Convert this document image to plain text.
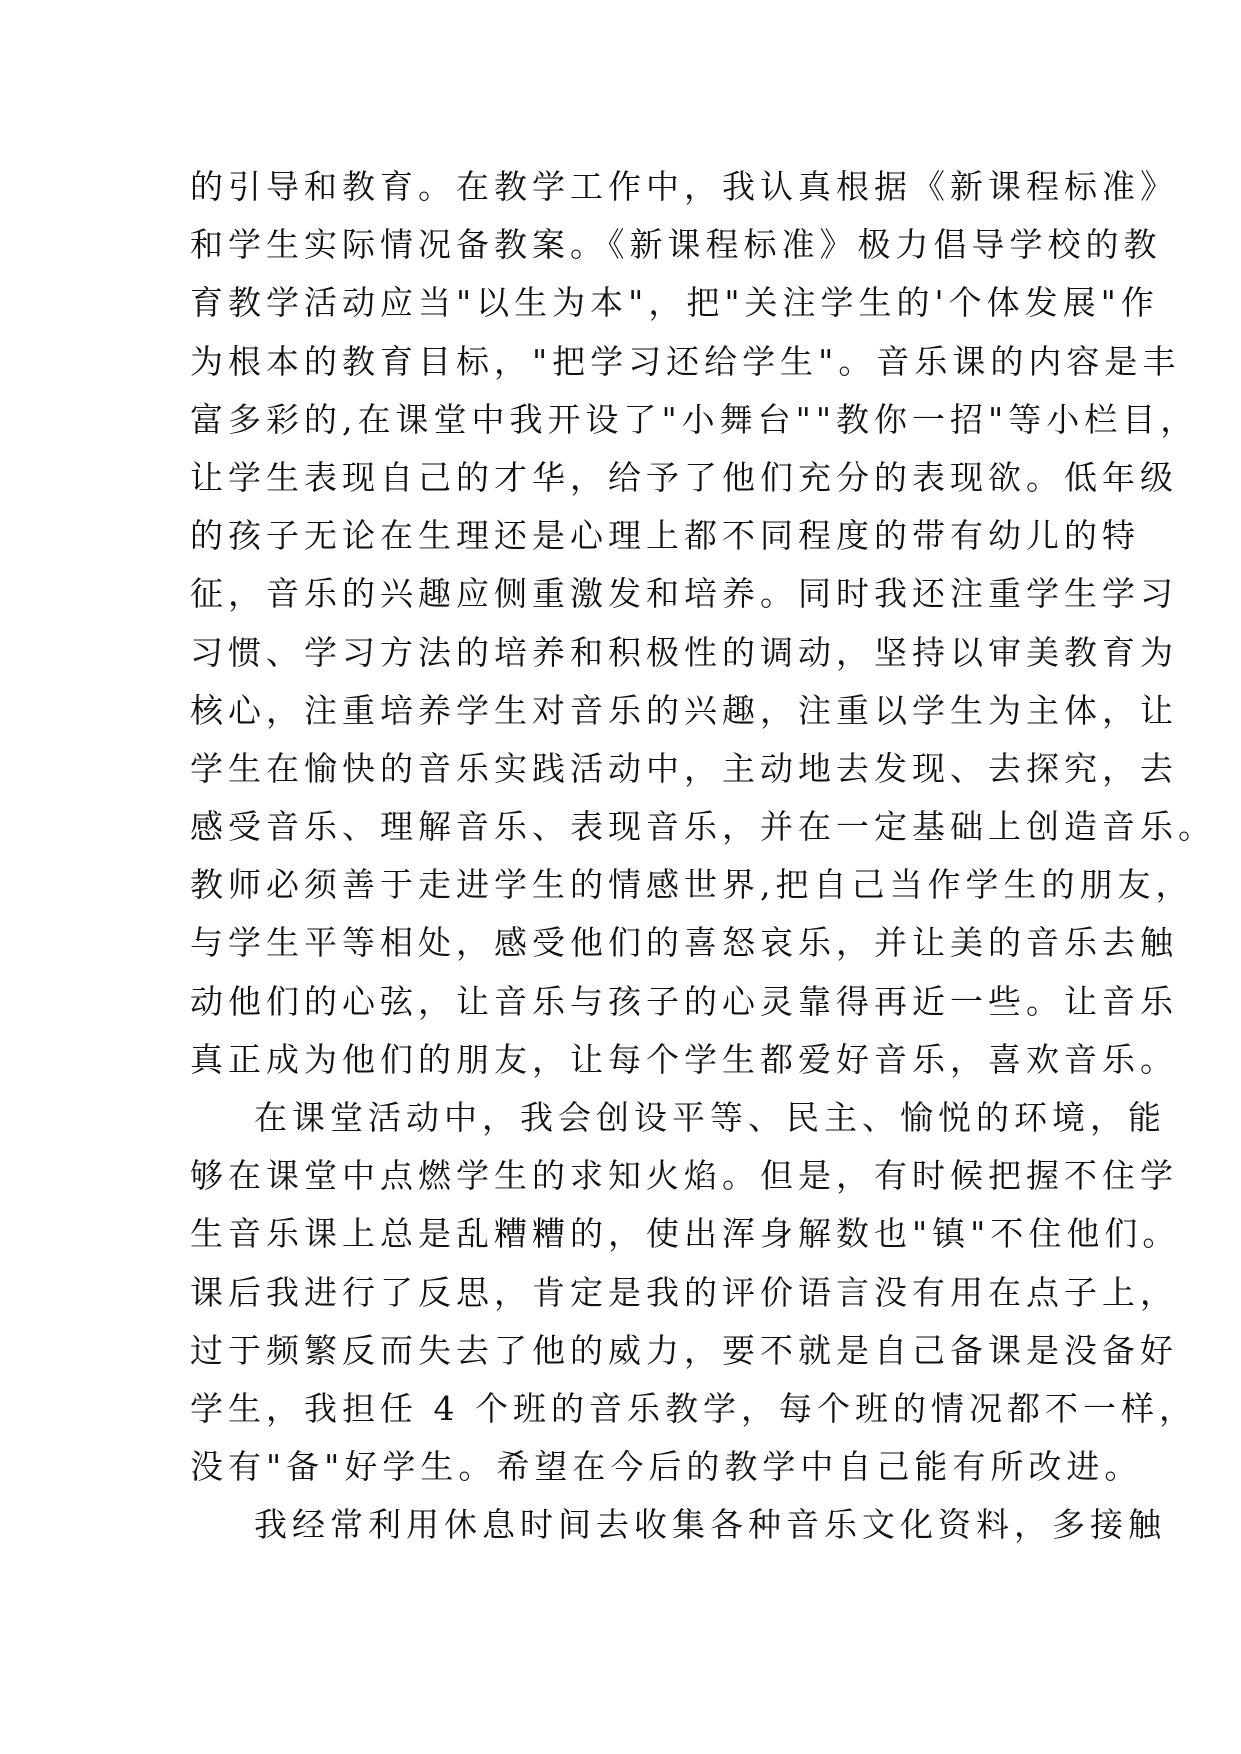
的引导和教育。在教学工作中，我认真根据《新课程标准》
和学生实际情况备教案。《新课程标准》极力倡导学校的教
育教学活动应当"以生为本"，把"关注学生的'个体发展"作
为根本的教育目标，"把学习还给学生"。音乐课的内容是丰
富多彩的,在课堂中我开设了"小舞台""教你一招"等小栏目，
让学生表现自己的才华，给予了他们充分的表现欲。低年级
的孩子无论在生理还是心理上都不同程度的带有幼儿的特
征，音乐的兴趣应侧重激发和培养。同时我还注重学生学习
习惯、学习方法的培养和积极性的调动，坚持以审美教育为
核心，注重培养学生对音乐的兴趣，注重以学生为主体，让
学生在愉快的音乐实践活动中，主动地去发现、去探究，去
感受音乐、理解音乐、表现音乐，并在一定基础上创造音乐。
教师必须善于走进学生的情感世界,把自己当作学生的朋友，
与学生平等相处，感受他们的喜怒哀乐，并让美的音乐去触
动他们的心弦，让音乐与孩子的心灵靠得再近一些。让音乐
真正成为他们的朋友，让每个学生都爱好音乐，喜欢音乐。
在课堂活动中，我会创设平等、民主、愉悦的环境，能
够在课堂中点燃学生的求知火焰。但是，有时候把握不住学
生音乐课上总是乱糟糟的，使出浑身解数也"镇"不住他们。
课后我进行了反思，肯定是我的评价语言没有用在点子上，
过于频繁反而失去了他的威力，要不就是自己备课是没备好
学生，我担任 4 个班的音乐教学，每个班的情况都不一样，
没有"备"好学生。希望在今后的教学中自己能有所改进。
我经常利用休息时间去收集各种音乐文化资料，多接触
